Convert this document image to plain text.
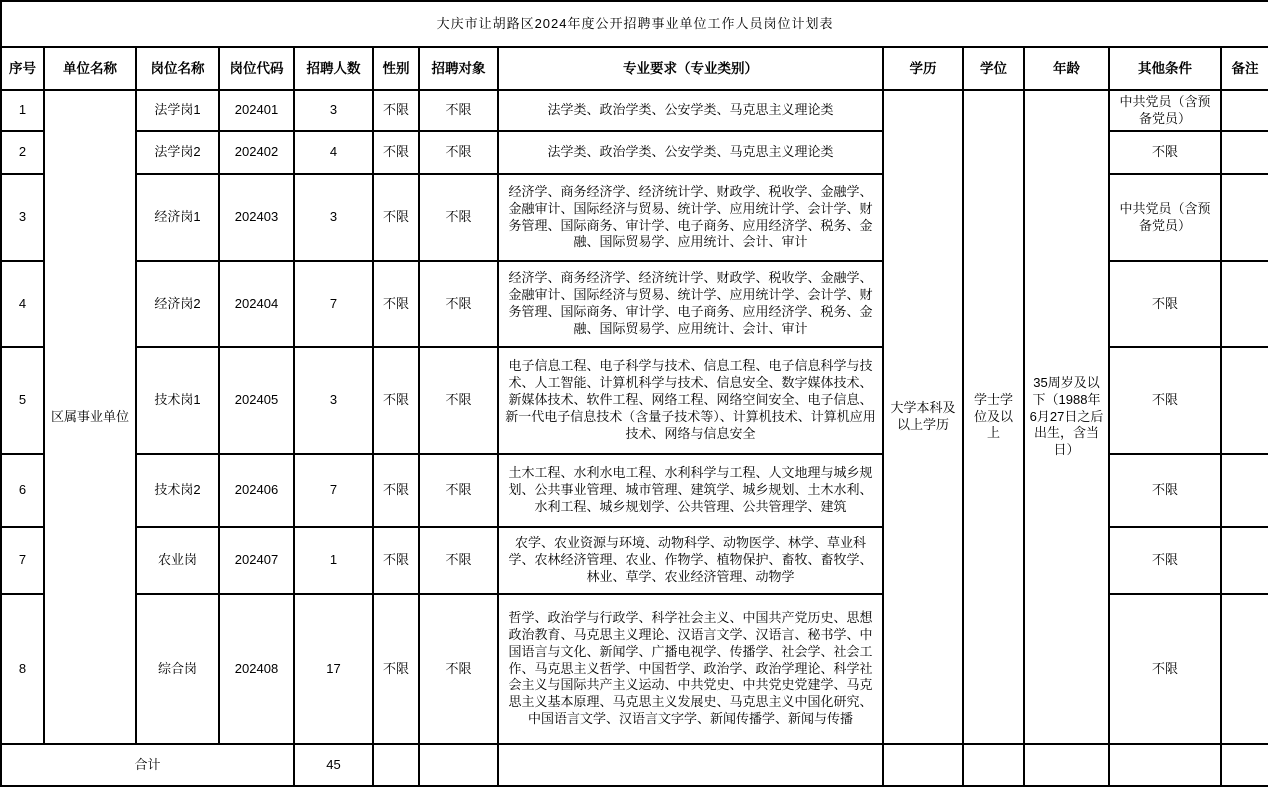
大庆市让胡路区2024年度公开招聘事业单位工作人员岗位计划表												
序号	单位名称	岗位名称	岗位代码	招聘人数	性别	招聘对象	专业要求（专业类别）	学历	学位	年龄	其他条件	备注
1	区属事业单位	法学岗1	202401	3	不限	不限	法学类、政治学类、公安学类、马克思主义理论类	大学本科及以上学历	学士学位及以上	35周岁及以下（1988年6月27日之后出生，含当日）	中共党员（含预备党员）	
2		法学岗2	202402	4	不限	不限	法学类、政治学类、公安学类、马克思主义理论类				不限	
3		经济岗1	202403	3	不限	不限	经济学、商务经济学、经济统计学、财政学、税收学、金融学、金融审计、国际经济与贸易、统计学、应用统计学、会计学、财务管理、国际商务、审计学、电子商务、应用经济学、税务、金融、国际贸易学、应用统计、会计、审计				中共党员（含预备党员）	
4		经济岗2	202404	7	不限	不限	经济学、商务经济学、经济统计学、财政学、税收学、金融学、金融审计、国际经济与贸易、统计学、应用统计学、会计学、财务管理、国际商务、审计学、电子商务、应用经济学、税务、金融、国际贸易学、应用统计、会计、审计				不限	
5		技术岗1	202405	3	不限	不限	电子信息工程、电子科学与技术、信息工程、电子信息科学与技术、人工智能、计算机科学与技术、信息安全、数字媒体技术、新媒体技术、软件工程、网络工程、网络空间安全、电子信息、新一代电子信息技术（含量子技术等）、计算机技术、计算机应用技术、网络与信息安全				不限	
6		技术岗2	202406	7	不限	不限	土木工程、水利水电工程、水利科学与工程、人文地理与城乡规划、公共事业管理、城市管理、建筑学、城乡规划、土木水利、水利工程、城乡规划学、公共管理、公共管理学、建筑				不限	
7		农业岗	202407	1	不限	不限	农学、农业资源与环境、动物科学、动物医学、林学、草业科学、农林经济管理、农业、作物学、植物保护、畜牧、畜牧学、林业、草学、农业经济管理、动物学				不限	
8		综合岗	202408	17	不限	不限	哲学、政治学与行政学、科学社会主义、中国共产党历史、思想政治教育、马克思主义理论、汉语言文学、汉语言、秘书学、中国语言与文化、新闻学、广播电视学、传播学、社会学、社会工作、马克思主义哲学、中国哲学、政治学、政治学理论、科学社会主义与国际共产主义运动、中共党史、中共党史党建学、马克思主义基本原理、马克思主义发展史、马克思主义中国化研究、中国语言文学、汉语言文字学、新闻传播学、新闻与传播				不限	
合计				45								
